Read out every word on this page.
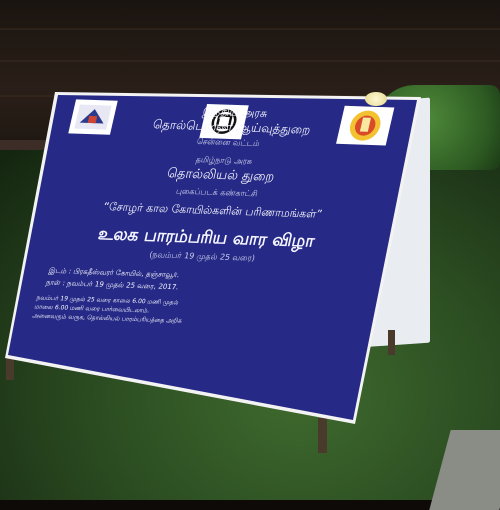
இந்திய அரசு
தொல்பொருள் ஆய்வுத்துறை
சென்னை வட்டம்
தமிழ்நாடு அரசு
தொல்லியல் துறை
புகைப்படக் கண்காட்சி
“சோழர் கால கோயில்களின் பரிணாமங்கள்”
உலக பாரம்பரிய வார விழா
(நவம்பர் 19 முதல் 25 வரை)
இடம் : பிரகதீஸ்வரர் கோயில், தஞ்சாவூர்.
நாள் : நவம்பர் 19 முதல் 25 வரை, 2017.
நவம்பர் 19 முதல் 25 வரை காலை 6.00 மணி முதல்
மாலை 6.00 மணி வரை பார்வையிடலாம்.
அனைவரும் வருக, தொல்லியல் பாரம்பரியத்தை அறிக
